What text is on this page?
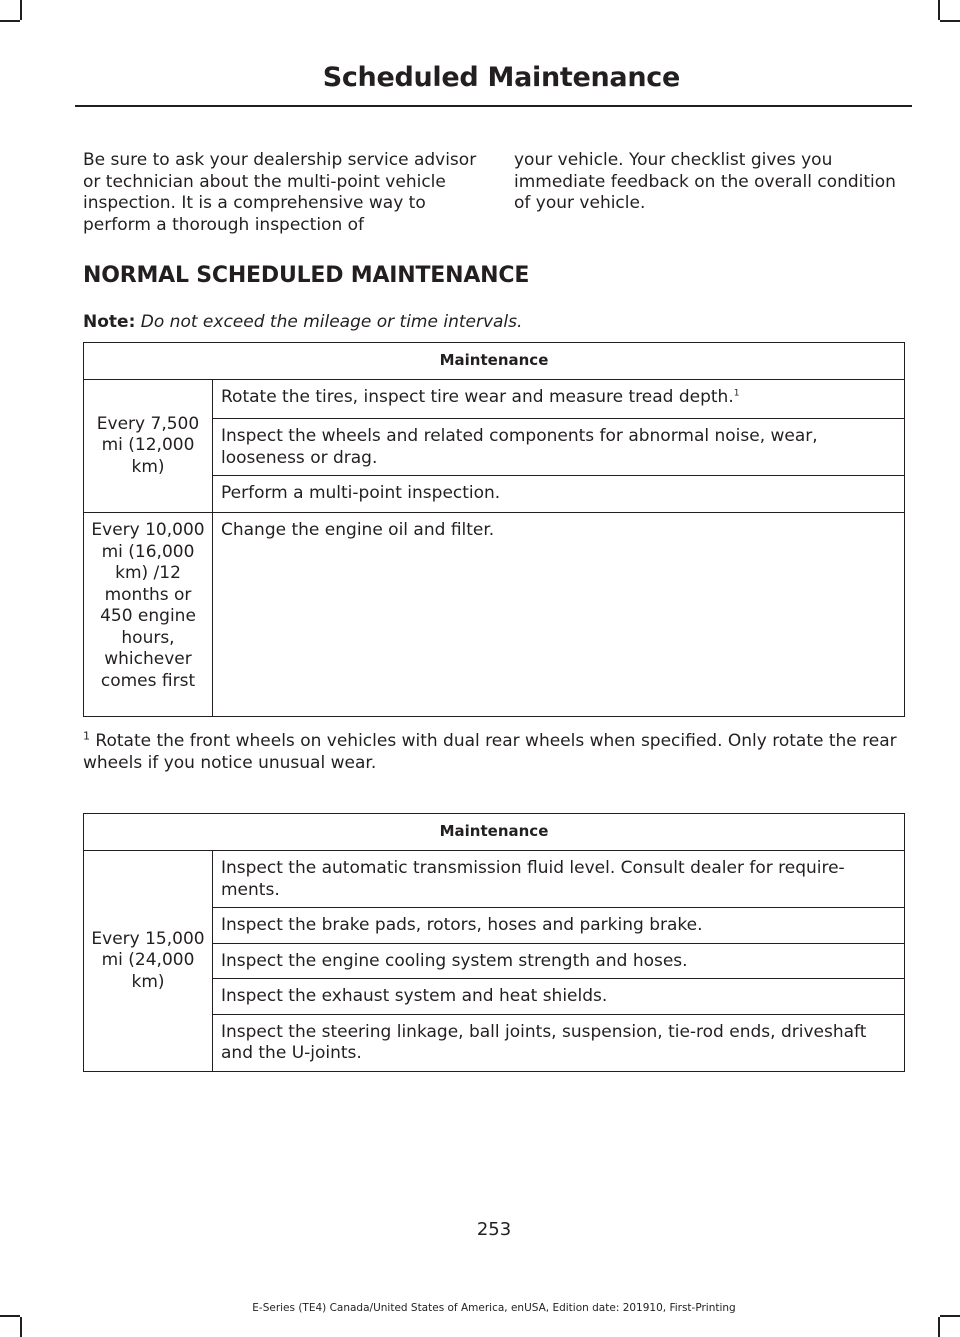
Scheduled Maintenance
Be sure to ask your dealership service advisor or technician about the multi-point vehicle inspection. It is a comprehensive way to perform a thorough inspection of
your vehicle. Your checklist gives you immediate feedback on the overall condition of your vehicle.
NORMAL SCHEDULED MAINTENANCE
Note: Do not exceed the mileage or time intervals.
Maintenance	
Every 7,500 mi (12,000 km)	Rotate the tires, inspect tire wear and measure tread depth.$^1$
	Inspect the wheels and related components for abnormal noise, wear, looseness or drag.
	Perform a multi-point inspection.
Every 10,000 mi (16,000 km) /12 months or 450 engine hours, whichever comes first	Change the engine oil and filter.
$^1$ Rotate the front wheels on vehicles with dual rear wheels when specified. Only rotate the rear wheels if you notice unusual wear.
Maintenance
Every 15,000 mi (24,000 km)	Inspect the automatic transmission fluid level. Consult dealer for require-ments.
Inspect the brake pads, rotors, hoses and parking brake.
Inspect the engine cooling system strength and hoses.
Inspect the exhaust system and heat shields.
Inspect the steering linkage, ball joints, suspension, tie-rod ends, driveshaft and the U-joints.
253
E-Series (TE4) Canada/United States of America, enUSA, Edition date: 201910, First-Printing
